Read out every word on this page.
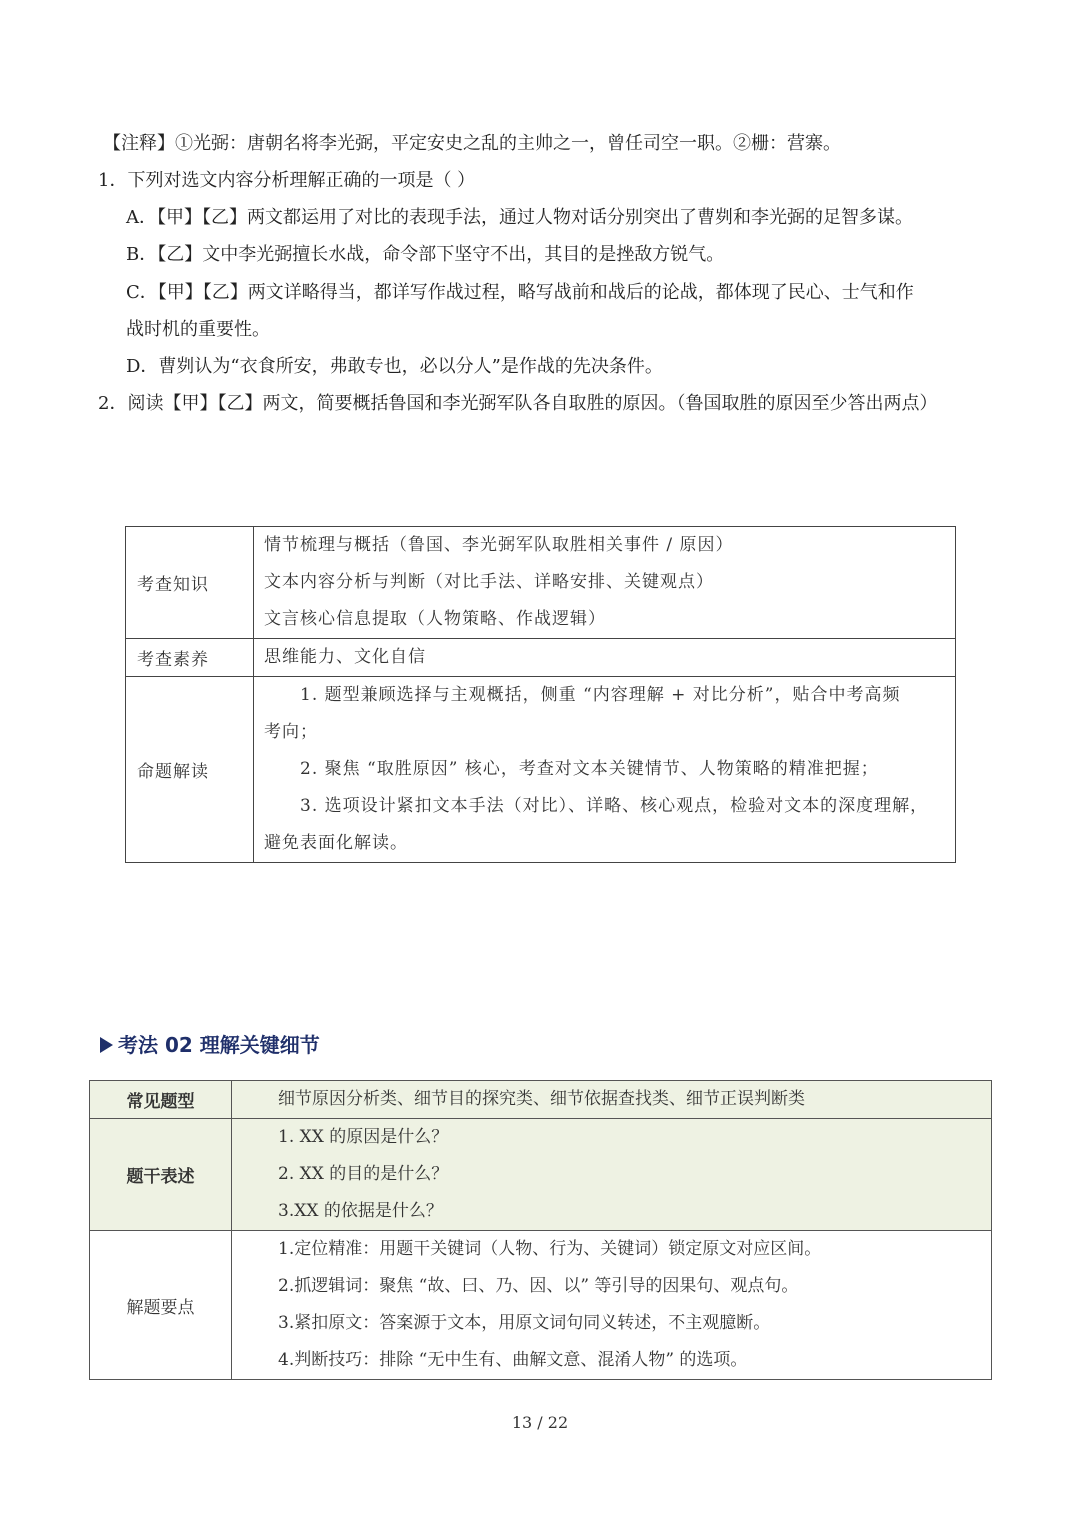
【注释】①光弼：唐朝名将李光弼，平定安史之乱的主帅之一，曾任司空一职。②栅：营寨。
1．下列对选文内容分析理解正确的一项是（ ）
A．【甲】【乙】两文都运用了对比的表现手法，通过人物对话分别突出了曹刿和李光弼的足智多谋。
B．【乙】文中李光弼擅长水战，命令部下坚守不出，其目的是挫敌方锐气。
C．【甲】【乙】两文详略得当，都详写作战过程，略写战前和战后的论战，都体现了民心、士气和作
战时机的重要性。
D．曹刿认为“衣食所安，弗敢专也，必以分人”是作战的先决条件。
2．阅读【甲】【乙】两文，简要概括鲁国和李光弼军队各自取胜的原因。（鲁国取胜的原因至少答出两点）
考查知识	情节梳理与概括（鲁国、李光弼军队取胜相关事件 / 原因）
文本内容分析与判断（对比手法、详略安排、关键观点）
文言核心信息提取（人物策略、作战逻辑）

考查素养	思维能力、文化自信

命题解读	1. 题型兼顾选择与主观概括，侧重 “内容理解 + 对比分析”，贴合中考高频
考向；
2. 聚焦 “取胜原因” 核心，考查对文本关键情节、人物策略的精准把握；
3. 选项设计紧扣文本手法（对比）、详略、核心观点，检验对文本的深度理解，
避免表面化解读。
考法 02 理解关键细节
常见题型	细节原因分析类、细节目的探究类、细节依据查找类、细节正误判断类

题干表述	1. XX 的原因是什么？
2. XX 的目的是什么？
3.XX 的依据是什么？

解题要点	1.定位精准：用题干关键词（人物、行为、关键词）锁定原文对应区间。
2.抓逻辑词：聚焦 “故、曰、乃、因、以” 等引导的因果句、观点句。
3.紧扣原文：答案源于文本，用原文词句同义转述，不主观臆断。
4.判断技巧：排除 “无中生有、曲解文意、混淆人物” 的选项。
13 / 22
